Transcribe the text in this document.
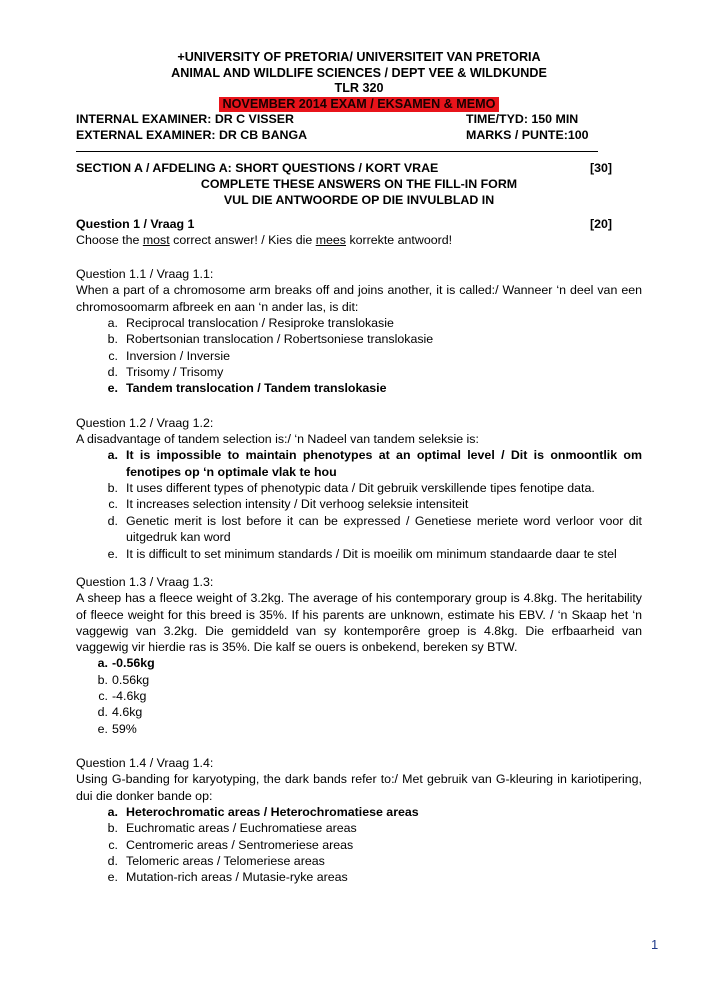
+UNIVERSITY OF PRETORIA/ UNIVERSITEIT VAN PRETORIA
ANIMAL AND WILDLIFE SCIENCES / DEPT VEE & WILDKUNDE
TLR 320
NOVEMBER 2014 EXAM / EKSAMEN & MEMO
INTERNAL EXAMINER: DR C VISSER	TIME/TYD: 150 MIN
EXTERNAL EXAMINER: DR CB BANGA	MARKS / PUNTE:100
SECTION A / AFDELING A: SHORT QUESTIONS / KORT VRAE	[30]
COMPLETE THESE ANSWERS ON THE FILL-IN FORM
VUL DIE ANTWOORDE OP DIE INVULBLAD IN
Question 1 / Vraag 1	[20]
Choose the most correct answer! / Kies die mees korrekte antwoord!
Question 1.1 / Vraag 1.1:
When a part of a chromosome arm breaks off and joins another, it is called:/ Wanneer ‘n deel van een chromosoomarm afbreek en aan ‘n ander las, is dit:
a. Reciprocal translocation / Resiproke translokasie
b. Robertsonian translocation / Robertsoniese translokasie
c. Inversion / Inversie
d. Trisomy / Trisomy
e. Tandem translocation / Tandem translokasie
Question 1.2 / Vraag 1.2:
A disadvantage of tandem selection is:/ ‘n Nadeel van tandem seleksie is:
a. It is impossible to maintain phenotypes at an optimal level / Dit is onmoontlik om fenotipes op ‘n optimale vlak te hou
b. It uses different types of phenotypic data / Dit gebruik verskillende tipes fenotipe data.
c. It increases selection intensity / Dit verhoog seleksie intensiteit
d. Genetic merit is lost before it can be expressed / Genetiese meriete word verloor voor dit uitgedruk kan word
e. It is difficult to set minimum standards / Dit is moeilik om minimum standaarde daar te stel
Question 1.3 / Vraag 1.3:
A sheep has a fleece weight of 3.2kg. The average of his contemporary group is 4.8kg. The heritability of fleece weight for this breed is 35%. If his parents are unknown, estimate his EBV. / ‘n Skaap het ‘n vaggewig van 3.2kg. Die gemiddeld van sy kontemporêre groep is 4.8kg. Die erfbaarheid van vaggewig vir hierdie ras is 35%. Die kalf se ouers is onbekend, bereken sy BTW.
a. -0.56kg
b. 0.56kg
c. -4.6kg
d. 4.6kg
e. 59%
Question 1.4 / Vraag 1.4:
Using G-banding for karyotyping, the dark bands refer to:/ Met gebruik van G-kleuring in kariotipering, dui die donker bande op:
a. Heterochromatic areas / Heterochromatiese areas
b. Euchromatic areas / Euchromatiese areas
c. Centromeric areas / Sentromeriese areas
d. Telomeric areas / Telomeriese areas
e. Mutation-rich areas / Mutasie-ryke areas
1
